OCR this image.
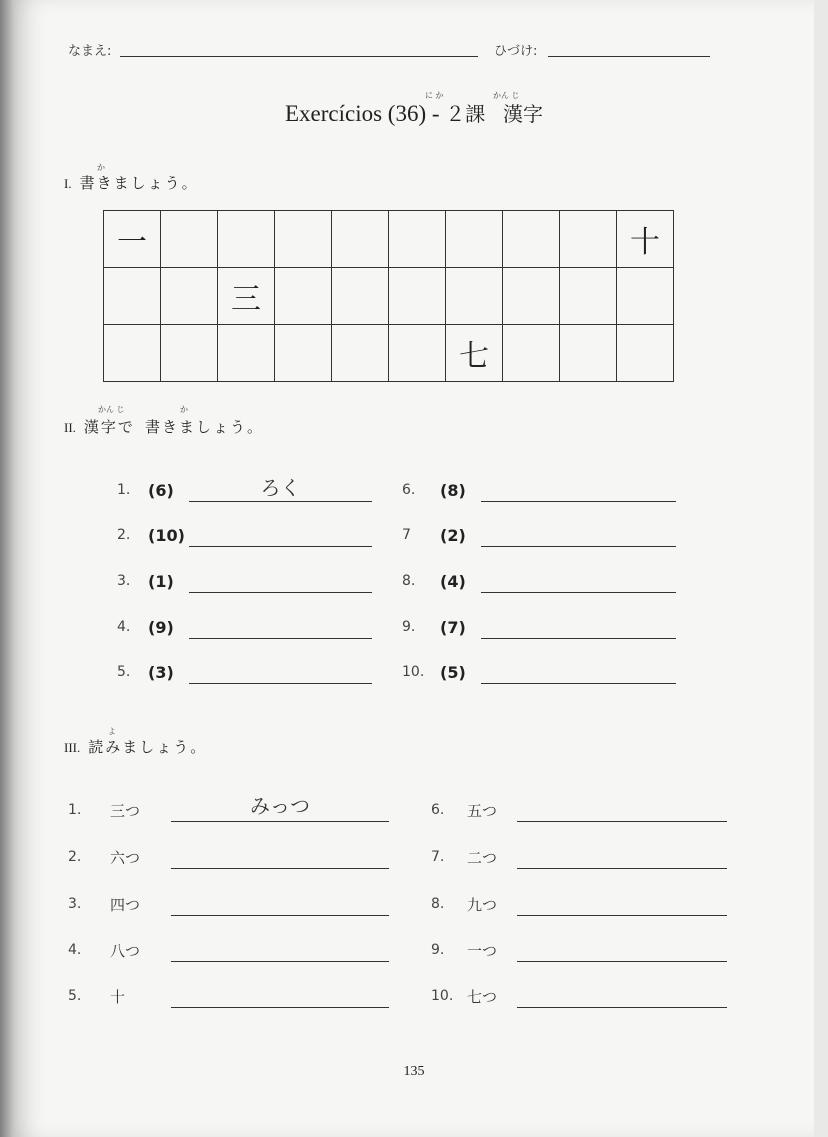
なまえ:	ひづけ:
に か	かん じ
Exercícios (36) - ２課 漢字
か
I. 書きましょう。
一									十
		三							
						七			
かん じ	か
II. 漢字で 書きましょう。
1. (6)	ろく
2. (10)
3. (1)
4. (9)
5. (3)
6. (8)
7 (2)
8. (4)
9. (7)
10. (5)
よ
III. 読みましょう。
1. 三つ	みっつ
2. 六つ
3. 四つ
4. 八つ
5. 十
6. 五つ
7. 二つ
8. 九つ
9. 一つ
10. 七つ
135
